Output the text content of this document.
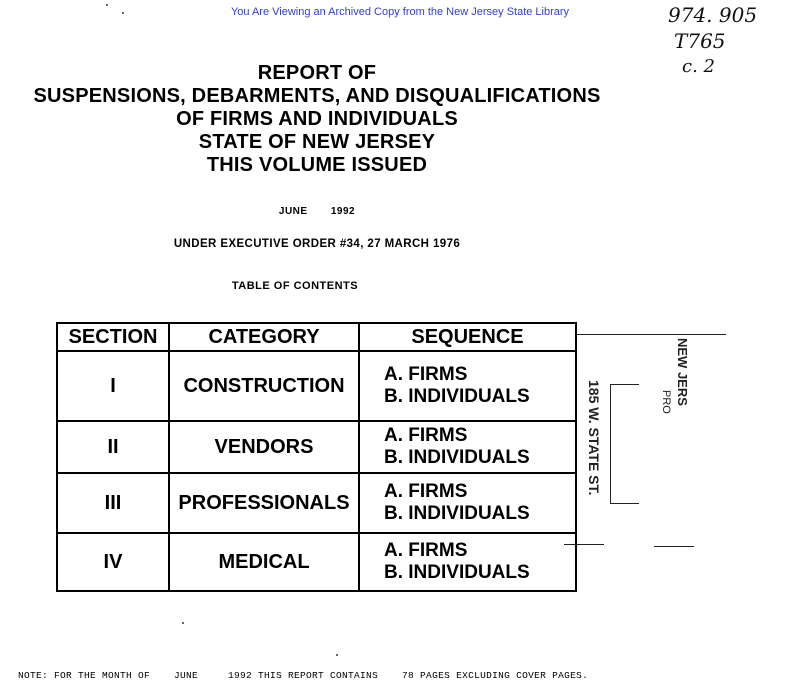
You Are Viewing an Archived Copy from the New Jersey State Library	974. 905
T765
c. 2
REPORT OF
SUSPENSIONS, DEBARMENTS, AND DISQUALIFICATIONS
OF FIRMS AND INDIVIDUALS
STATE OF NEW JERSEY
THIS VOLUME ISSUED
JUNE 1992
UNDER EXECUTIVE ORDER #34, 27 MARCH 1976
TABLE OF CONTENTS
SECTION	CATEGORY	SEQUENCE
I	CONSTRUCTION	A. FIRMS
B. INDIVIDUALS

II	VENDORS	A. FIRMS
B. INDIVIDUALS

III	PROFESSIONALS	A. FIRMS
B. INDIVIDUALS

IV	MEDICAL	A. FIRMS
B. INDIVIDUALS
NEW JERS
185 W. STATE ST.	PRO
NOTE: FOR THE MONTH OF    JUNE     1992 THIS REPORT CONTAINS    78 PAGES EXCLUDING COVER PAGES.
